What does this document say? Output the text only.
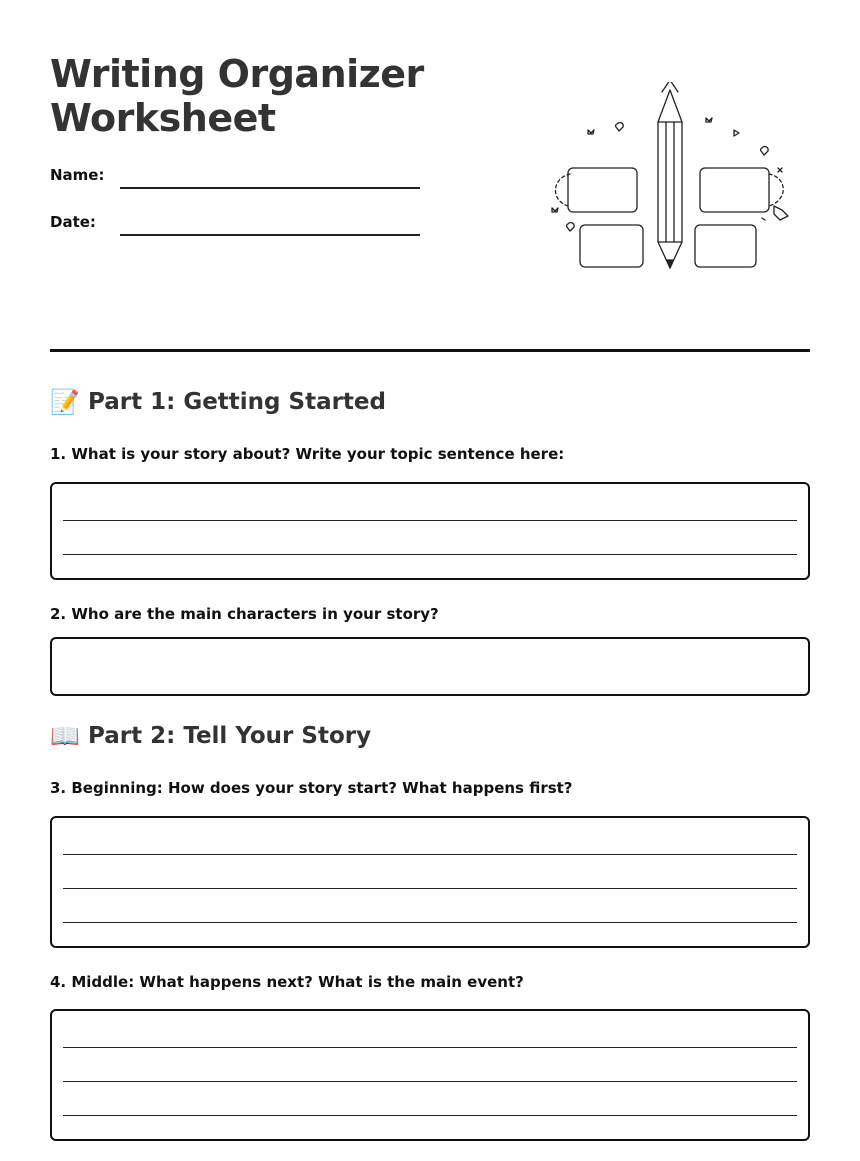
Writing Organizer
Worksheet
Name:
Date:
📝 Part 1: Getting Started
1. What is your story about? Write your topic sentence here:
2. Who are the main characters in your story?
📖 Part 2: Tell Your Story
3. Beginning: How does your story start? What happens first?
4. Middle: What happens next? What is the main event?
